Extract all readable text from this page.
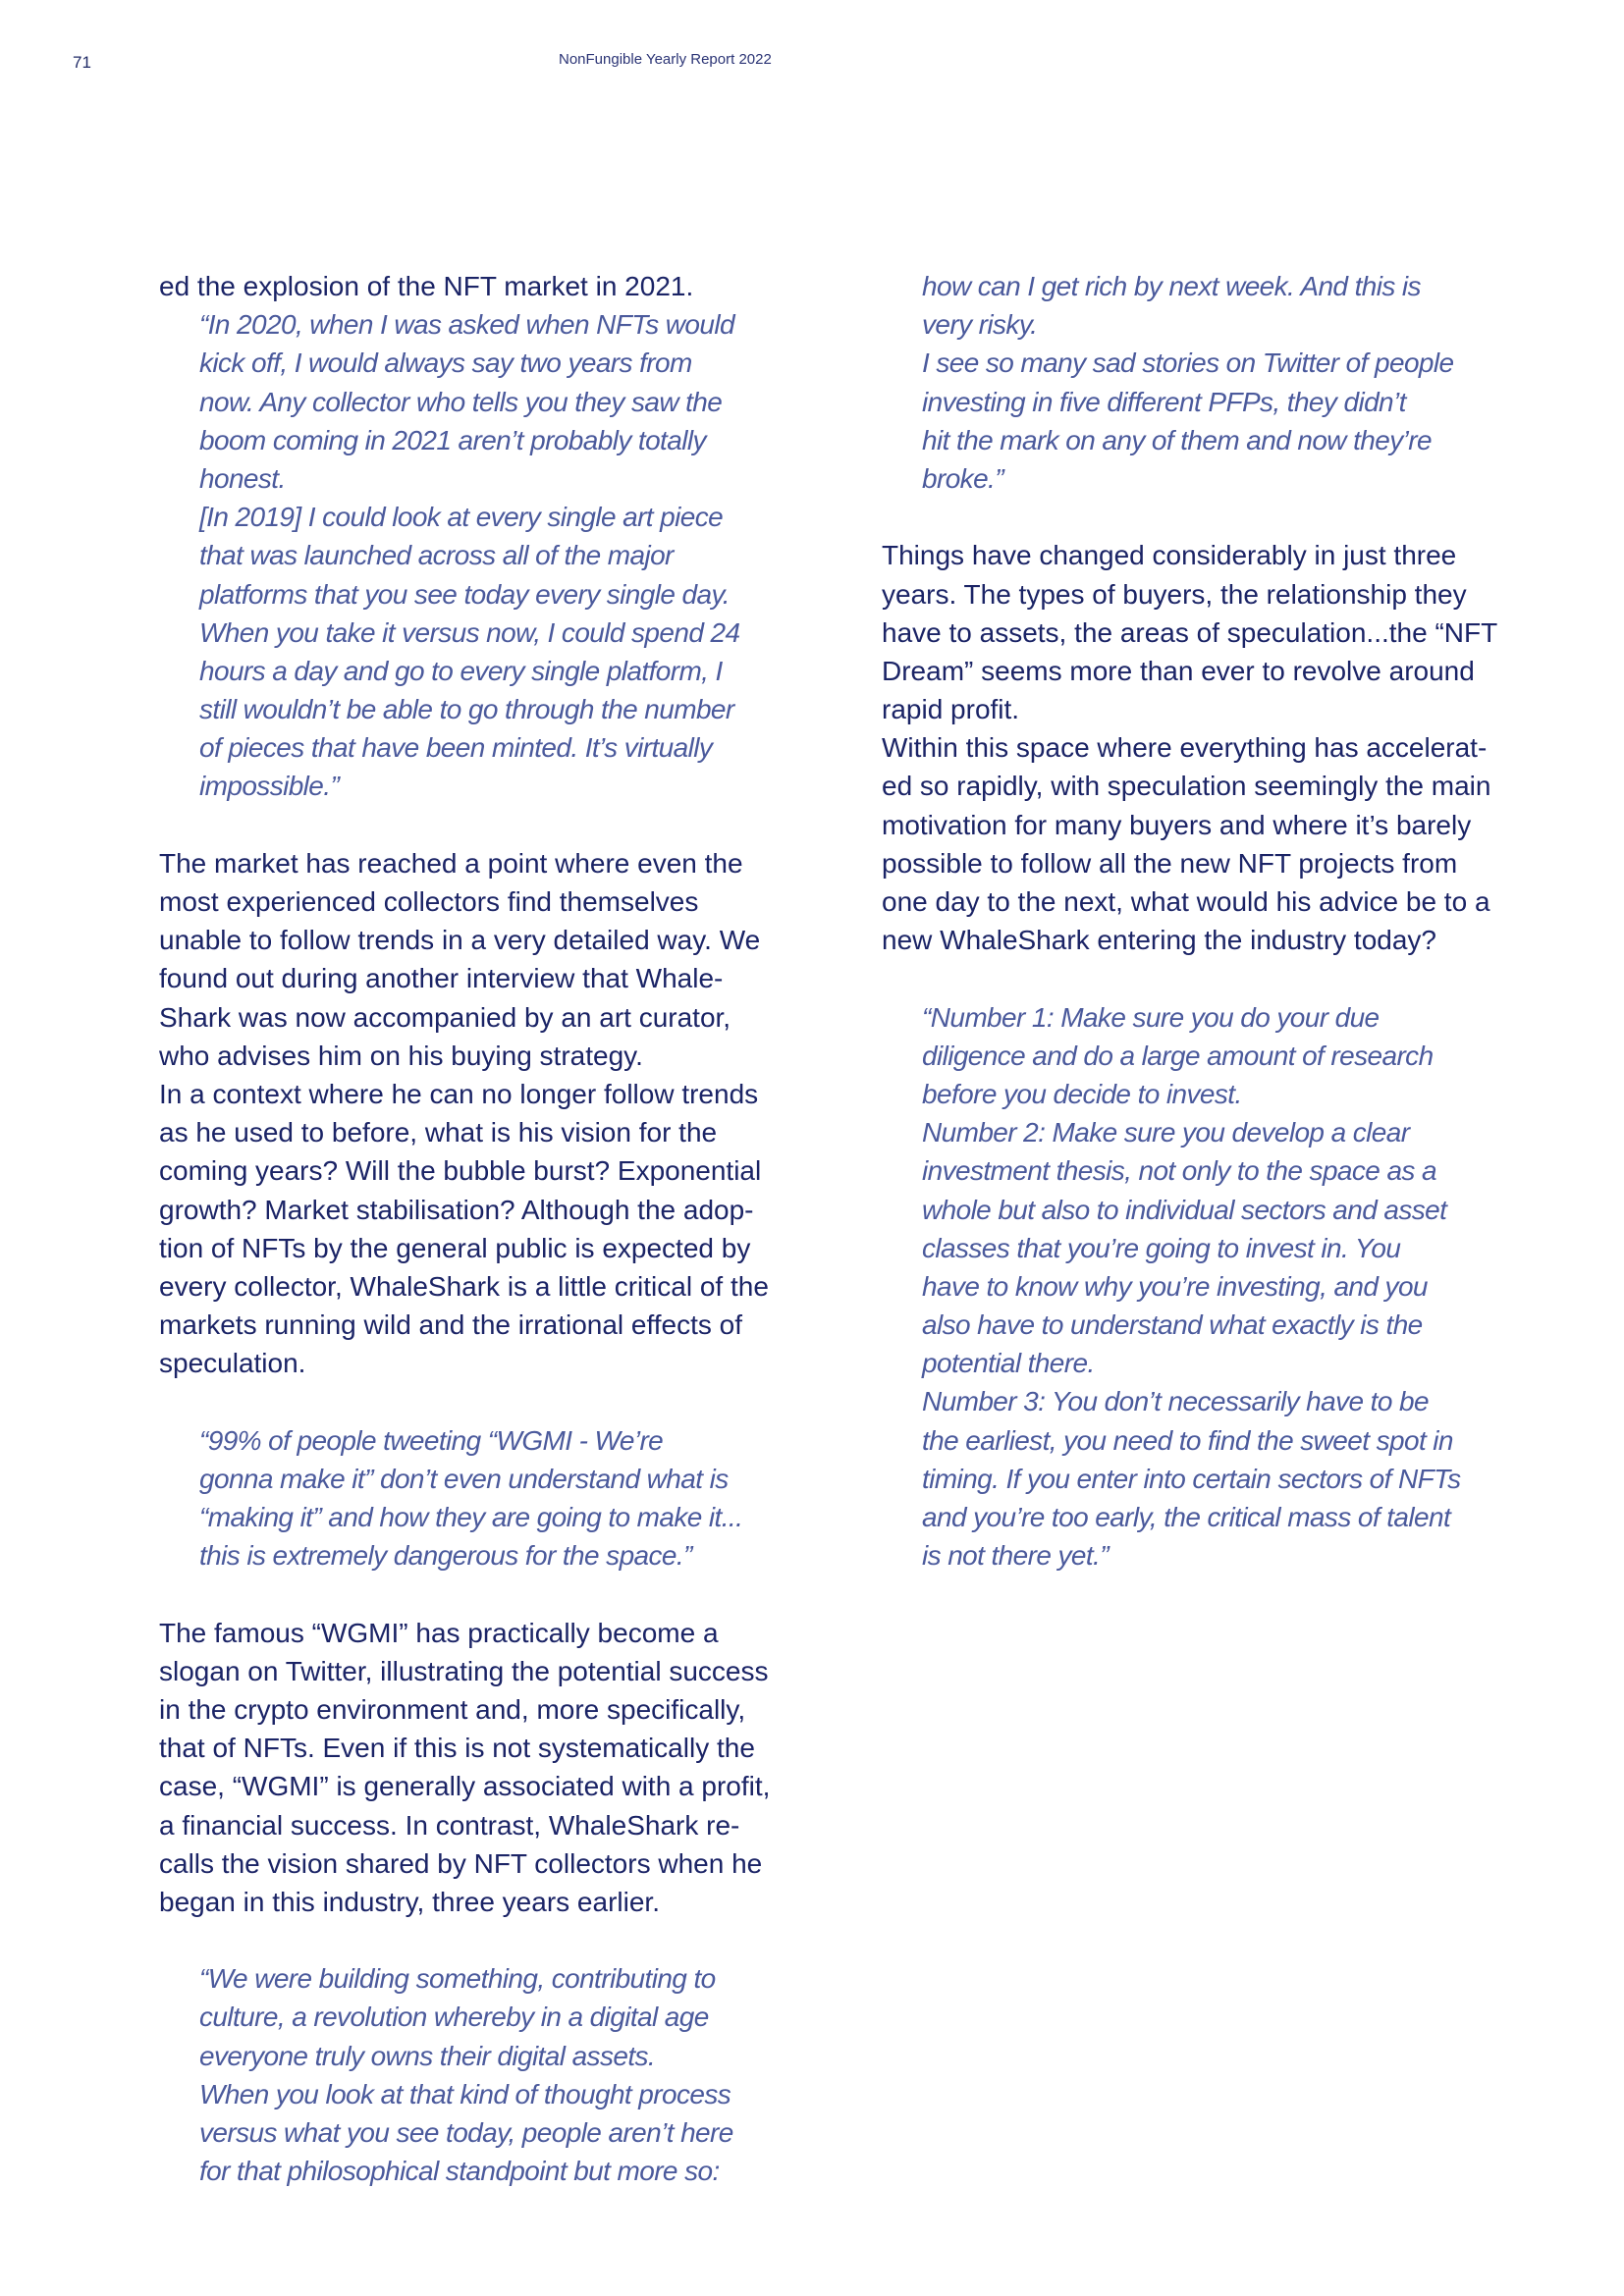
71	NonFungible Yearly Report 2022
ed the explosion of the NFT market in 2021.
“In 2020, when I was asked when NFTs would
kick off, I would always say two years from
now. Any collector who tells you they saw the
boom coming in 2021 aren’t probably totally
honest.
[In 2019] I could look at every single art piece
that was launched across all of the major
platforms that you see today every single day.
When you take it versus now, I could spend 24
hours a day and go to every single platform, I
still wouldn’t be able to go through the number
of pieces that have been minted. It’s virtually
impossible.”
The market has reached a point where even the
most experienced collectors find themselves
unable to follow trends in a very detailed way. We
found out during another interview that Whale-
Shark was now accompanied by an art curator,
who advises him on his buying strategy.
In a context where he can no longer follow trends
as he used to before, what is his vision for the
coming years? Will the bubble burst? Exponential
growth? Market stabilisation? Although the adop-
tion of NFTs by the general public is expected by
every collector, WhaleShark is a little critical of the
markets running wild and the irrational effects of
speculation.
“99% of people tweeting “WGMI - We’re
gonna make it” don’t even understand what is
“making it” and how they are going to make it...
this is extremely dangerous for the space.”
The famous “WGMI” has practically become a
slogan on Twitter, illustrating the potential success
in the crypto environment and, more specifically,
that of NFTs. Even if this is not systematically the
case, “WGMI” is generally associated with a profit,
a financial success. In contrast, WhaleShark re-
calls the vision shared by NFT collectors when he
began in this industry, three years earlier.
“We were building something, contributing to
culture, a revolution whereby in a digital age
everyone truly owns their digital assets.
When you look at that kind of thought process
versus what you see today, people aren’t here
for that philosophical standpoint but more so:
how can I get rich by next week. And this is
very risky.
I see so many sad stories on Twitter of people
investing in five different PFPs, they didn’t
hit the mark on any of them and now they’re
broke.”
Things have changed considerably in just three
years. The types of buyers, the relationship they
have to assets, the areas of speculation...the “NFT
Dream” seems more than ever to revolve around
rapid profit.
Within this space where everything has accelerat-
ed so rapidly, with speculation seemingly the main
motivation for many buyers and where it’s barely
possible to follow all the new NFT projects from
one day to the next, what would his advice be to a
new WhaleShark entering the industry today?
“Number 1: Make sure you do your due
diligence and do a large amount of research
before you decide to invest.
Number 2: Make sure you develop a clear
investment thesis, not only to the space as a
whole but also to individual sectors and asset
classes that you’re going to invest in. You
have to know why you’re investing, and you
also have to understand what exactly is the
potential there.
Number 3: You don’t necessarily have to be
the earliest, you need to find the sweet spot in
timing. If you enter into certain sectors of NFTs
and you’re too early, the critical mass of talent
is not there yet.”
